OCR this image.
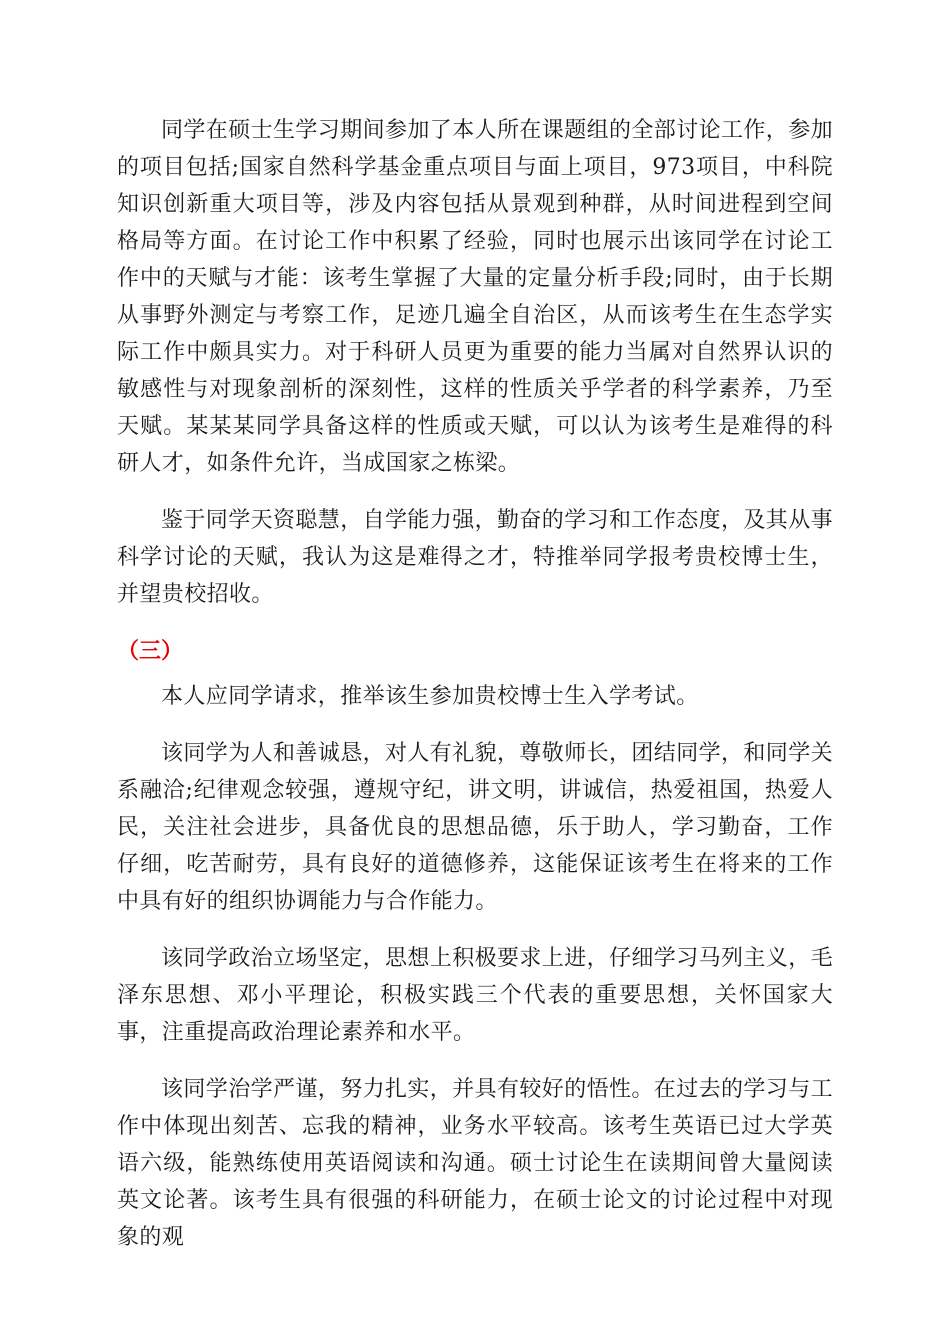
同学在硕士生学习期间参加了本人所在课题组的全部讨论工作，参加的项目包括;国家自然科学基金重点项目与面上项目，973项目，中科院知识创新重大项目等，涉及内容包括从景观到种群，从时间进程到空间格局等方面。在讨论工作中积累了经验，同时也展示出该同学在讨论工作中的天赋与才能：该考生掌握了大量的定量分析手段;同时，由于长期从事野外测定与考察工作，足迹几遍全自治区，从而该考生在生态学实际工作中颇具实力。对于科研人员更为重要的能力当属对自然界认识的敏感性与对现象剖析的深刻性，这样的性质关乎学者的科学素养，乃至天赋。某某某同学具备这样的性质或天赋，可以认为该考生是难得的科研人才，如条件允许，当成国家之栋梁。

鉴于同学天资聪慧，自学能力强，勤奋的学习和工作态度，及其从事科学讨论的天赋，我认为这是难得之才，特推举同学报考贵校博士生，并望贵校招收。

（三）

本人应同学请求，推举该生参加贵校博士生入学考试。

该同学为人和善诚恳，对人有礼貌，尊敬师长，团结同学，和同学关系融洽;纪律观念较强，遵规守纪，讲文明，讲诚信，热爱祖国，热爱人民，关注社会进步，具备优良的思想品德，乐于助人，学习勤奋，工作仔细，吃苦耐劳，具有良好的道德修养，这能保证该考生在将来的工作中具有好的组织协调能力与合作能力。

该同学政治立场坚定，思想上积极要求上进，仔细学习马列主义，毛泽东思想、邓小平理论，积极实践三个代表的重要思想，关怀国家大事，注重提高政治理论素养和水平。

该同学治学严谨，努力扎实，并具有较好的悟性。在过去的学习与工作中体现出刻苦、忘我的精神，业务水平较高。该考生英语已过大学英语六级，能熟练使用英语阅读和沟通。硕士讨论生在读期间曾大量阅读英文论著。该考生具有很强的科研能力，在硕士论文的讨论过程中对现象的观
